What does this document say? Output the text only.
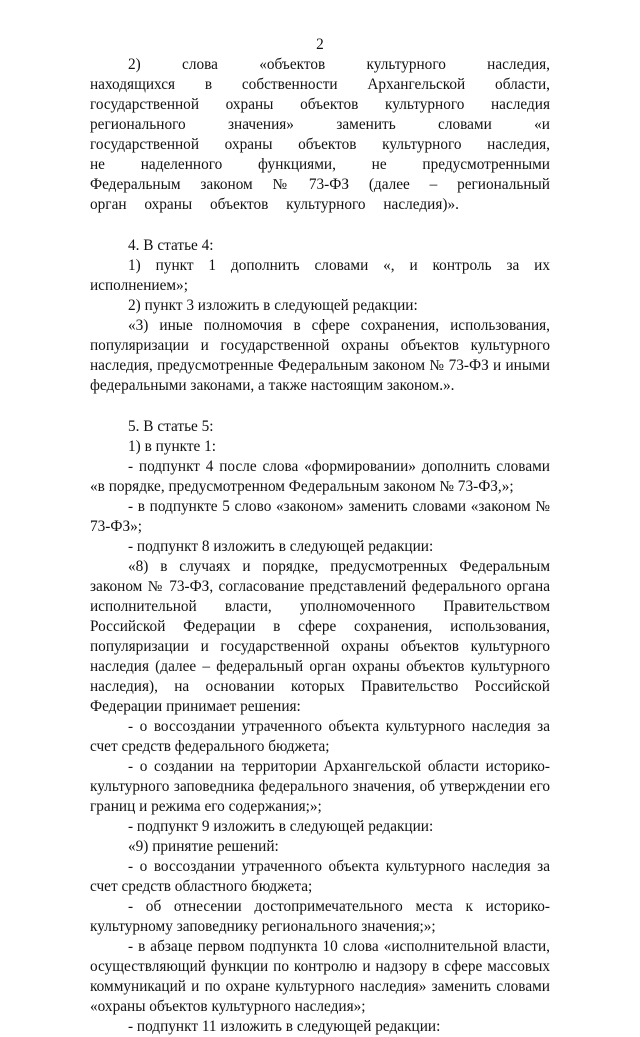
2

2) слова «объектов культурного наследия, находящихся в собственности Архангельской области, государственной охраны объектов культурного наследия регионального значения» заменить словами «и государственной охраны объектов культурного наследия, не наделенного функциями, не предусмотренными Федеральным законом № 73-ФЗ (далее – региональный орган охраны объектов культурного наследия)».

4. В статье 4:

1) пункт 1 дополнить словами «, и контроль за их исполнением»;

2) пункт 3 изложить в следующей редакции:

«3) иные полномочия в сфере сохранения, использования, популяризации и государственной охраны объектов культурного наследия, предусмотренные Федеральным законом № 73-ФЗ и иными федеральными законами, а также настоящим законом.».

5. В статье 5:

1) в пункте 1:

- подпункт 4 после слова «формировании» дополнить словами «в порядке, предусмотренном Федеральным законом № 73-ФЗ,»;

- в подпункте 5 слово «законом» заменить словами «законом № 73-ФЗ»;

- подпункт 8 изложить в следующей редакции:

«8) в случаях и порядке, предусмотренных Федеральным законом № 73-ФЗ, согласование представлений федерального органа исполнительной власти, уполномоченного Правительством Российской Федерации в сфере сохранения, использования, популяризации и государственной охраны объектов культурного наследия (далее – федеральный орган охраны объектов культурного наследия), на основании которых Правительство Российской Федерации принимает решения:

- о воссоздании утраченного объекта культурного наследия за счет средств федерального бюджета;

- о создании на территории Архангельской области историко-культурного заповедника федерального значения, об утверждении его границ и режима его содержания;»;

- подпункт 9 изложить в следующей редакции:

«9) принятие решений:

- о воссоздании утраченного объекта культурного наследия за счет средств областного бюджета;

- об отнесении достопримечательного места к историко-культурному заповеднику регионального значения;»;

- в абзаце первом подпункта 10 слова «исполнительной власти, осуществляющий функции по контролю и надзору в сфере массовых коммуникаций и по охране культурного наследия» заменить словами «охраны объектов культурного наследия»;

- подпункт 11 изложить в следующей редакции:
